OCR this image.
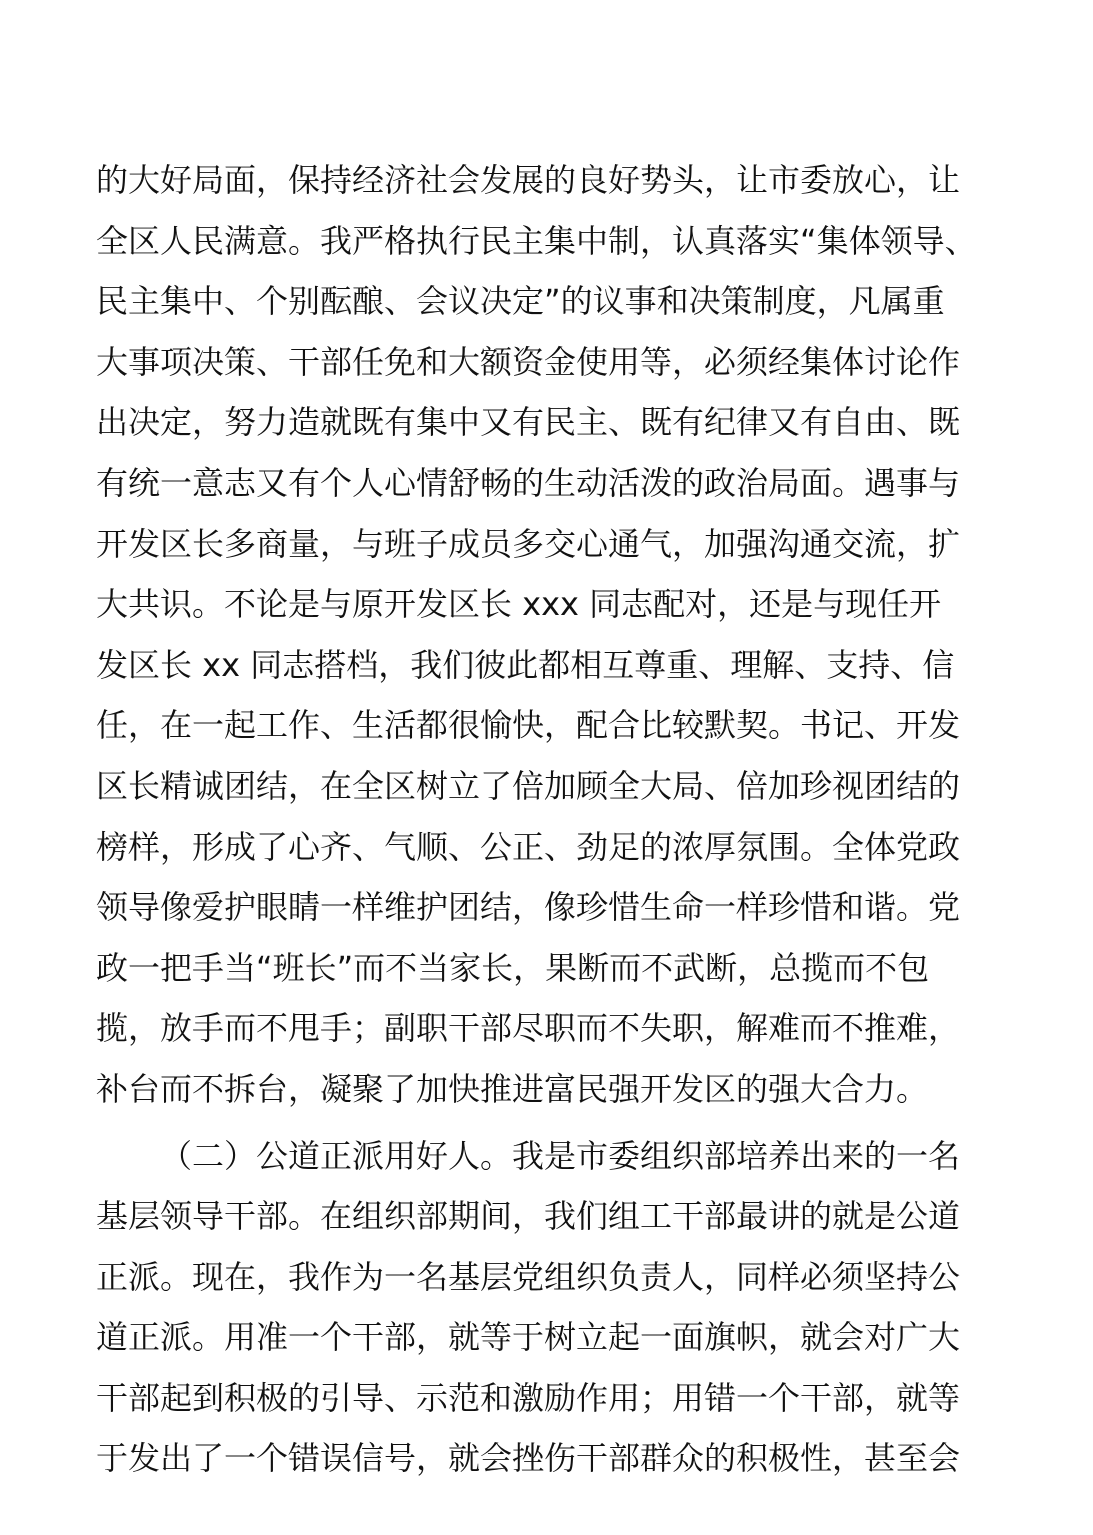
的大好局面，保持经济社会发展的良好势头，让市委放心，让
全区人民满意。我严格执行民主集中制，认真落实“集体领导、
民主集中、个别酝酿、会议决定”的议事和决策制度，凡属重
大事项决策、干部任免和大额资金使用等，必须经集体讨论作
出决定，努力造就既有集中又有民主、既有纪律又有自由、既
有统一意志又有个人心情舒畅的生动活泼的政治局面。遇事与
开发区长多商量，与班子成员多交心通气，加强沟通交流，扩
大共识。不论是与原开发区长 xxx 同志配对，还是与现任开
发区长 xx 同志搭档，我们彼此都相互尊重、理解、支持、信
任，在一起工作、生活都很愉快，配合比较默契。书记、开发
区长精诚团结，在全区树立了倍加顾全大局、倍加珍视团结的
榜样，形成了心齐、气顺、公正、劲足的浓厚氛围。全体党政
领导像爱护眼睛一样维护团结，像珍惜生命一样珍惜和谐。党
政一把手当“班长”而不当家长，果断而不武断，总揽而不包
揽，放手而不甩手；副职干部尽职而不失职，解难而不推难，
补台而不拆台，凝聚了加快推进富民强开发区的强大合力。
（二）公道正派用好人。我是市委组织部培养出来的一名
基层领导干部。在组织部期间，我们组工干部最讲的就是公道
正派。现在，我作为一名基层党组织负责人，同样必须坚持公
道正派。用准一个干部，就等于树立起一面旗帜，就会对广大
干部起到积极的引导、示范和激励作用；用错一个干部，就等
于发出了一个错误信号，就会挫伤干部群众的积极性，甚至会
